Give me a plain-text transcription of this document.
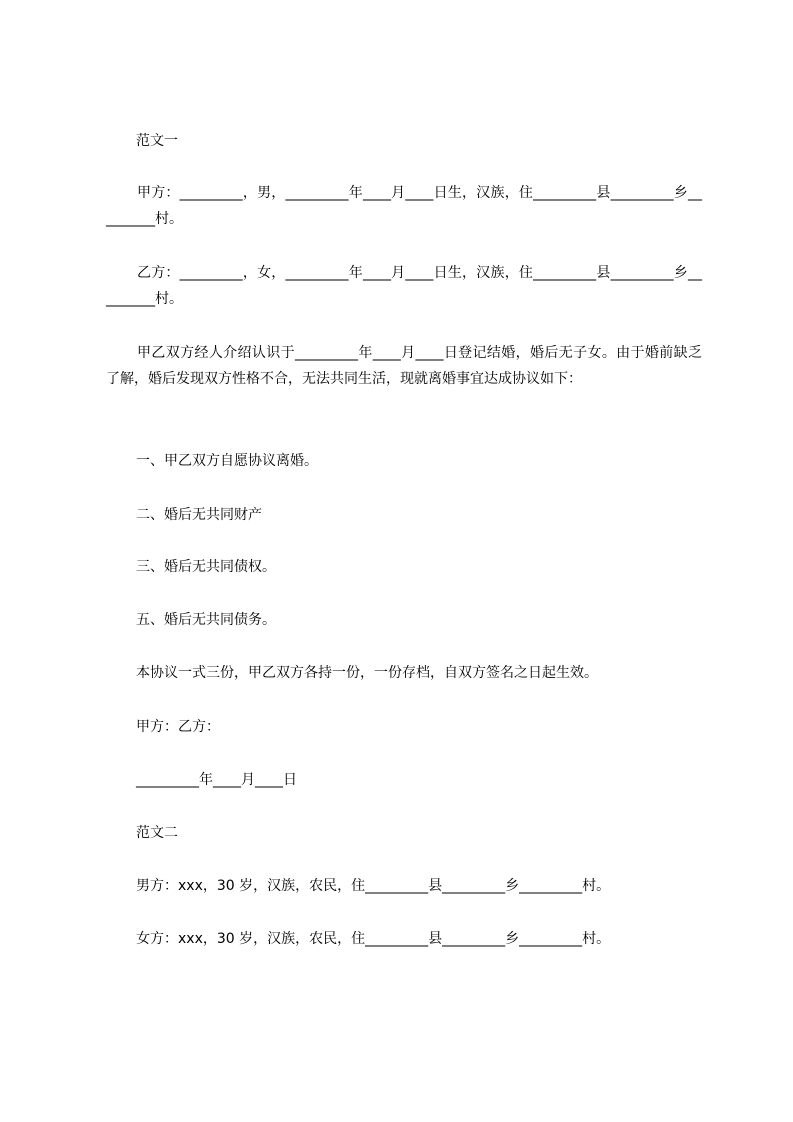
范文一
甲方：_________，男，_________年____月____日生，汉族，住_________县_________乡_________村。
乙方：_________，女，_________年____月____日生，汉族，住_________县_________乡_________村。
甲乙双方经人介绍认识于_________年____月____日登记结婚，婚后无子女。由于婚前缺乏了解，婚后发现双方性格不合，无法共同生活，现就离婚事宜达成协议如下：
一、甲乙双方自愿协议离婚。
二、婚后无共同财产
三、婚后无共同债权。
五、婚后无共同债务。
本协议一式三份，甲乙双方各持一份，一份存档，自双方签名之日起生效。
甲方：乙方：
_________年____月____日
范文二
男方：xxx，30 岁，汉族，农民，住_________县_________乡_________村。
女方：xxx，30 岁，汉族，农民，住_________县_________乡_________村。
